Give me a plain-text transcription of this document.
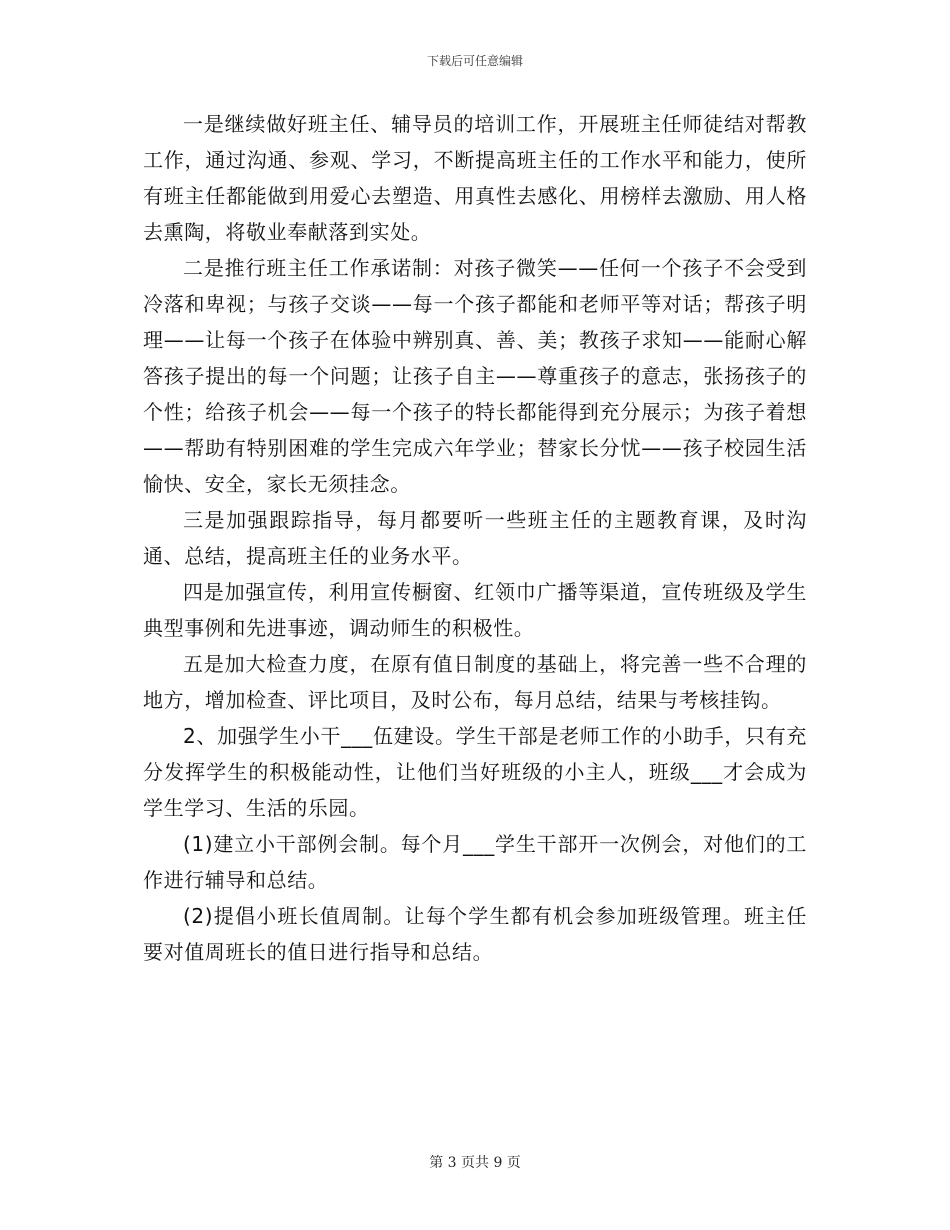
下载后可任意编辑

一是继续做好班主任、辅导员的培训工作，开展班主任师徒结对帮教工作，通过沟通、参观、学习，不断提高班主任的工作水平和能力，使所有班主任都能做到用爱心去塑造、用真性去感化、用榜样去激励、用人格去熏陶，将敬业奉献落到实处。

二是推行班主任工作承诺制：对孩子微笑——任何一个孩子不会受到冷落和卑视；与孩子交谈——每一个孩子都能和老师平等对话；帮孩子明理——让每一个孩子在体验中辨别真、善、美；教孩子求知——能耐心解答孩子提出的每一个问题；让孩子自主——尊重孩子的意志，张扬孩子的个性；给孩子机会——每一个孩子的特长都能得到充分展示；为孩子着想——帮助有特别困难的学生完成六年学业；替家长分忧——孩子校园生活愉快、安全，家长无须挂念。

三是加强跟踪指导，每月都要听一些班主任的主题教育课，及时沟通、总结，提高班主任的业务水平。

四是加强宣传，利用宣传橱窗、红领巾广播等渠道，宣传班级及学生典型事例和先进事迹，调动师生的积极性。

五是加大检查力度，在原有值日制度的基础上，将完善一些不合理的地方，增加检查、评比项目，及时公布，每月总结，结果与考核挂钩。

2、加强学生小干___伍建设。学生干部是老师工作的小助手，只有充分发挥学生的积极能动性，让他们当好班级的小主人，班级___才会成为学生学习、生活的乐园。

(1)建立小干部例会制。每个月___学生干部开一次例会，对他们的工作进行辅导和总结。

(2)提倡小班长值周制。让每个学生都有机会参加班级管理。班主任要对值周班长的值日进行指导和总结。

第 3 页共 9 页
